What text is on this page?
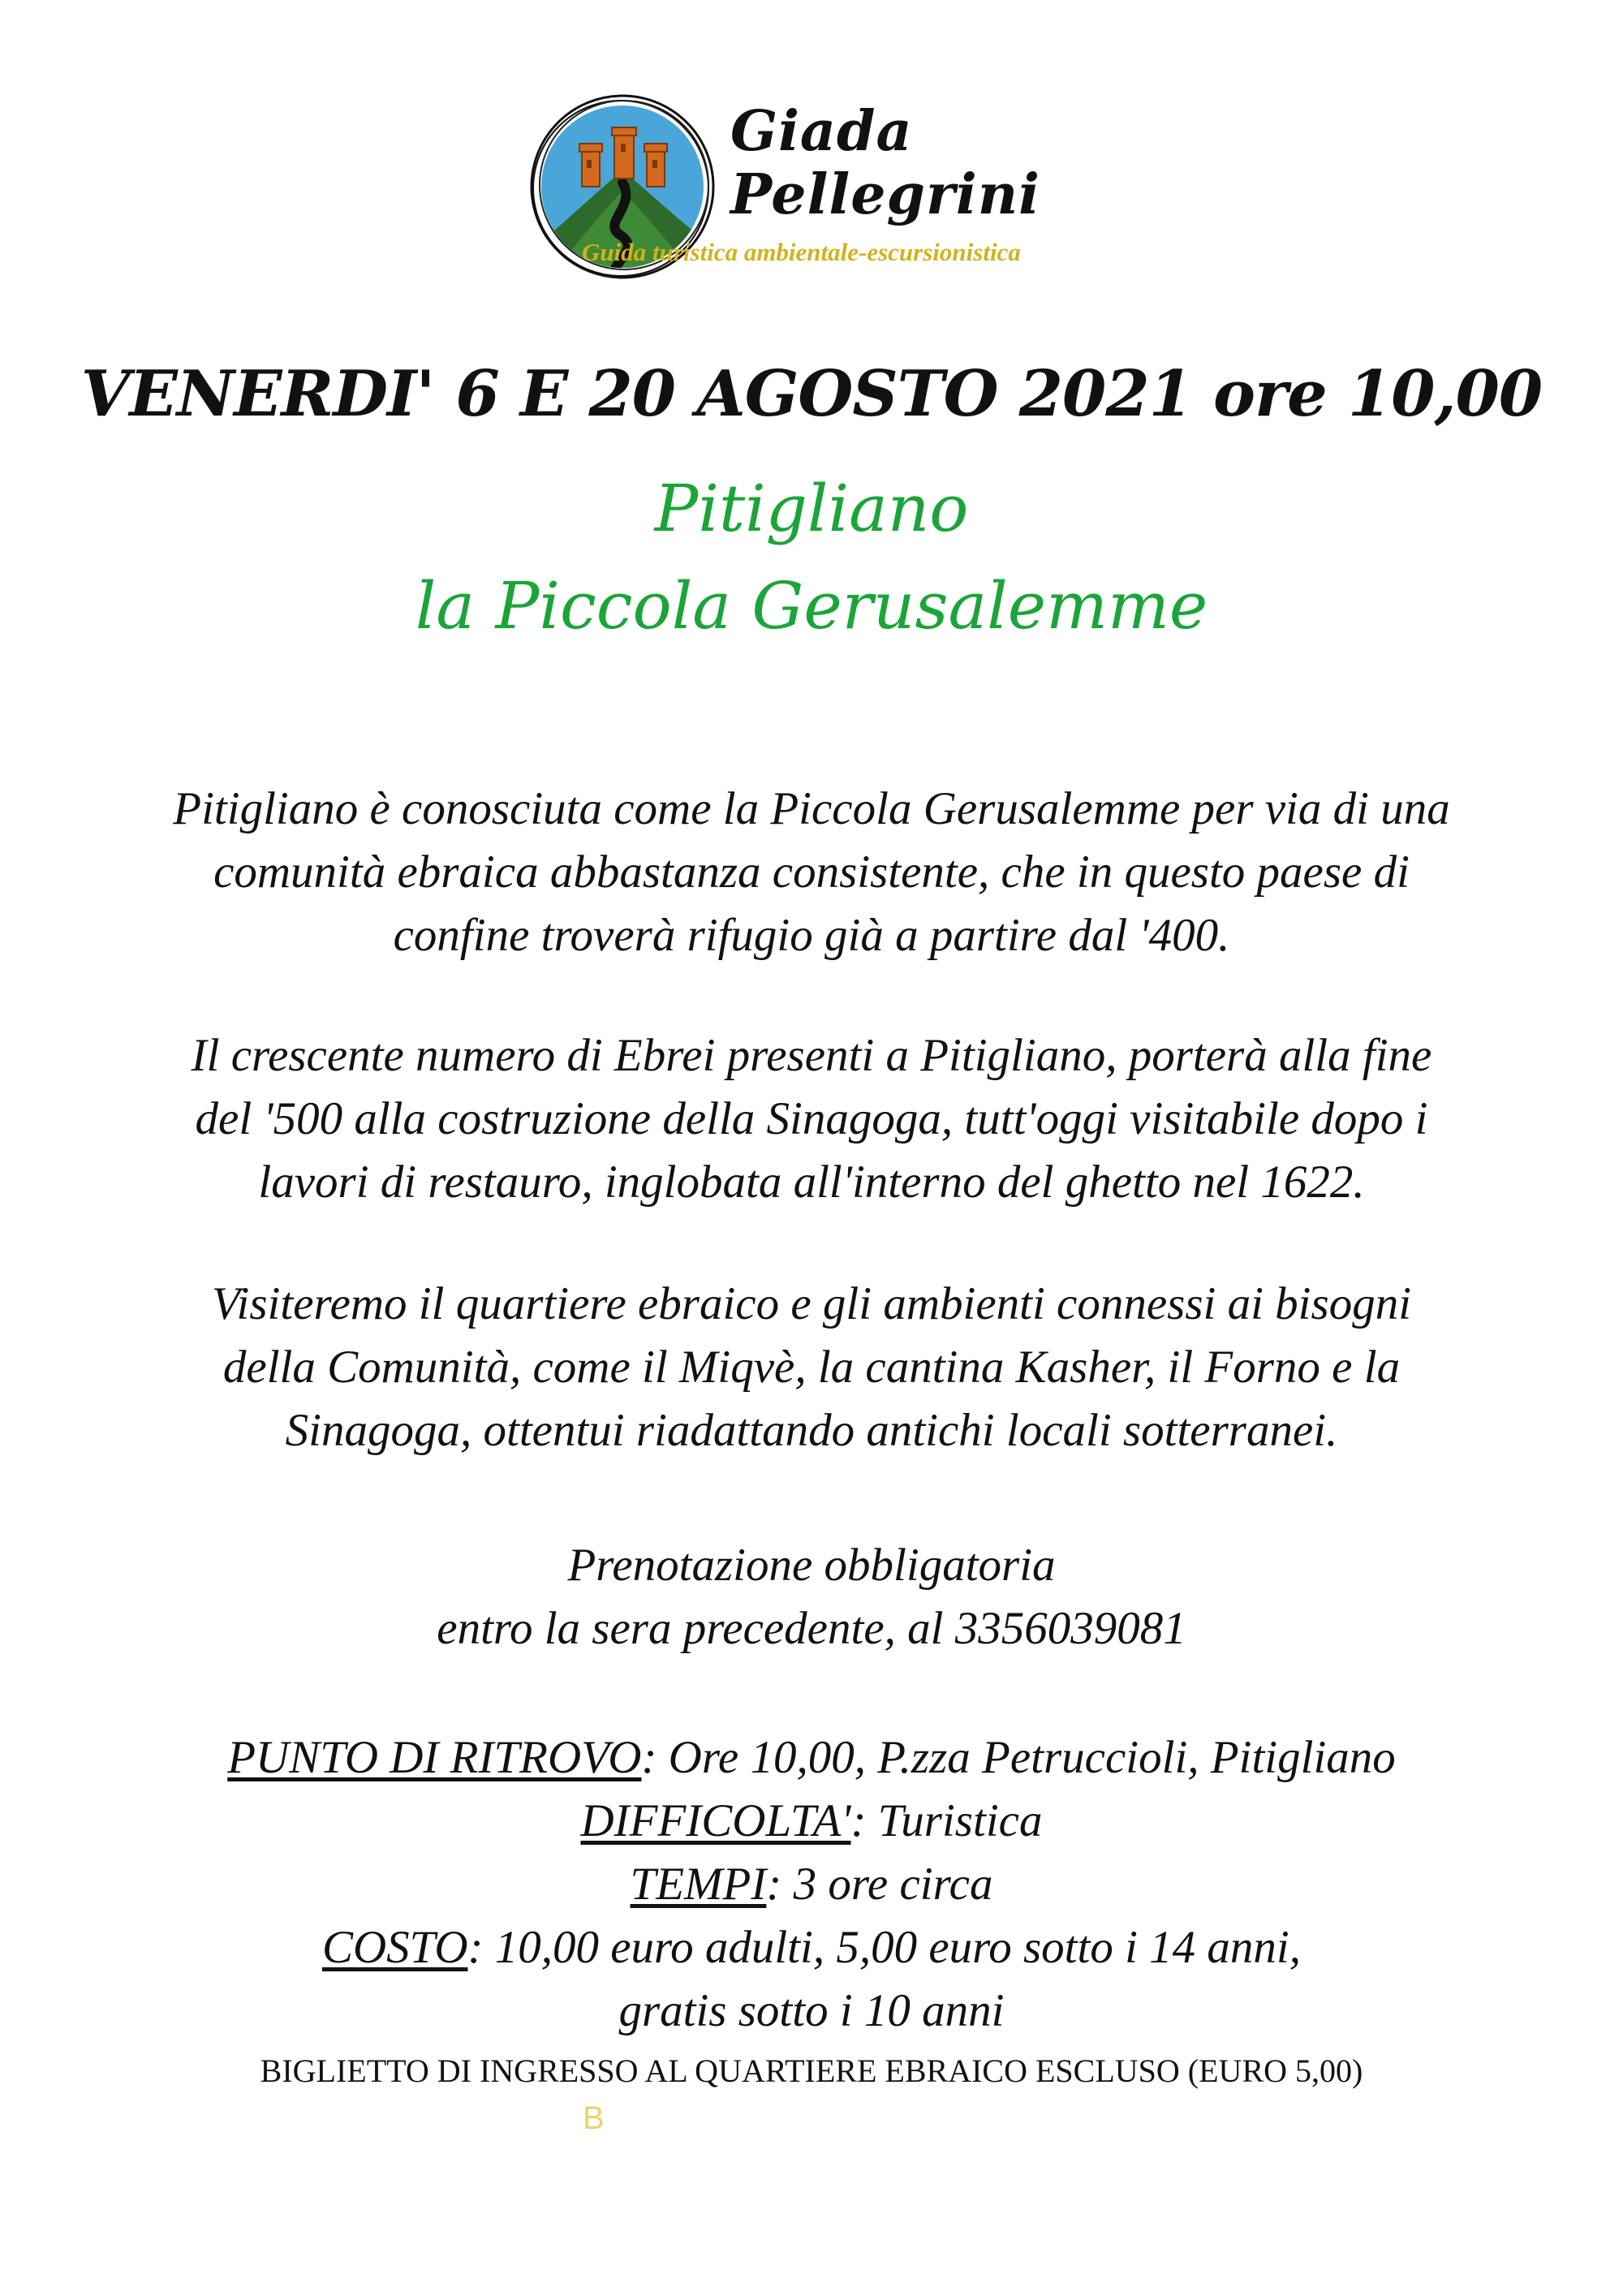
Giada
Pellegrini
Guida turistica ambientale-escursionistica
VENERDI' 6 E 20 AGOSTO 2021 ore 10,00
Pitigliano
la Piccola Gerusalemme
Pitigliano è conosciuta come la Piccola Gerusalemme per via di una
comunità ebraica abbastanza consistente, che in questo paese di
confine troverà rifugio già a partire dal '400.
Il crescente numero di Ebrei presenti a Pitigliano, porterà alla fine
del '500 alla costruzione della Sinagoga, tutt'oggi visitabile dopo i
lavori di restauro, inglobata all'interno del ghetto nel 1622.
Visiteremo il quartiere ebraico e gli ambienti connessi ai bisogni
della Comunità, come il Miqvè, la cantina Kasher, il Forno e la
Sinagoga, ottentui riadattando antichi locali sotterranei.
Prenotazione obbligatoria
entro la sera precedente, al 3356039081
PUNTO DI RITROVO: Ore 10,00, P.zza Petruccioli, Pitigliano
DIFFICOLTA': Turistica
TEMPI: 3 ore circa
COSTO: 10,00 euro adulti, 5,00 euro sotto i 14 anni,
gratis sotto i 10 anni
BIGLIETTO DI INGRESSO AL QUARTIERE EBRAICO ESCLUSO (EURO 5,00)
B
